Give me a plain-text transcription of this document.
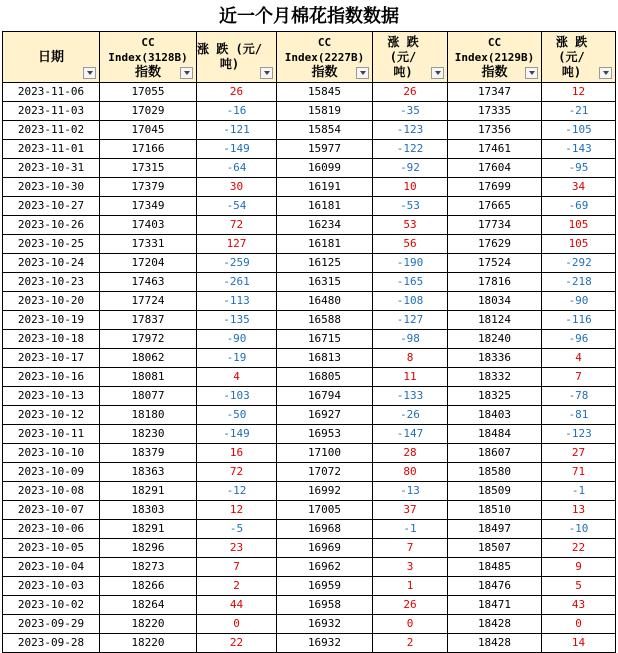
近一个月棉花指数数据
日期	CC
Index(3128B)
指数	涨 跌 (元/
吨)	CC
Index(2227B)
指数	涨 跌 (元/
吨)	CC
Index(2129B)
指数	涨 跌 (元/
吨)

2023-11-06	17055	26	15845	26	17347	12
2023-11-03	17029	-16	15819	-35	17335	-21
2023-11-02	17045	-121	15854	-123	17356	-105
2023-11-01	17166	-149	15977	-122	17461	-143
2023-10-31	17315	-64	16099	-92	17604	-95
2023-10-30	17379	30	16191	10	17699	34
2023-10-27	17349	-54	16181	-53	17665	-69
2023-10-26	17403	72	16234	53	17734	105
2023-10-25	17331	127	16181	56	17629	105
2023-10-24	17204	-259	16125	-190	17524	-292
2023-10-23	17463	-261	16315	-165	17816	-218
2023-10-20	17724	-113	16480	-108	18034	-90
2023-10-19	17837	-135	16588	-127	18124	-116
2023-10-18	17972	-90	16715	-98	18240	-96
2023-10-17	18062	-19	16813	8	18336	4
2023-10-16	18081	4	16805	11	18332	7
2023-10-13	18077	-103	16794	-133	18325	-78
2023-10-12	18180	-50	16927	-26	18403	-81
2023-10-11	18230	-149	16953	-147	18484	-123
2023-10-10	18379	16	17100	28	18607	27
2023-10-09	18363	72	17072	80	18580	71
2023-10-08	18291	-12	16992	-13	18509	-1
2023-10-07	18303	12	17005	37	18510	13
2023-10-06	18291	-5	16968	-1	18497	-10
2023-10-05	18296	23	16969	7	18507	22
2023-10-04	18273	7	16962	3	18485	9
2023-10-03	18266	2	16959	1	18476	5
2023-10-02	18264	44	16958	26	18471	43
2023-09-29	18220	0	16932	0	18428	0
2023-09-28	18220	22	16932	2	18428	14
